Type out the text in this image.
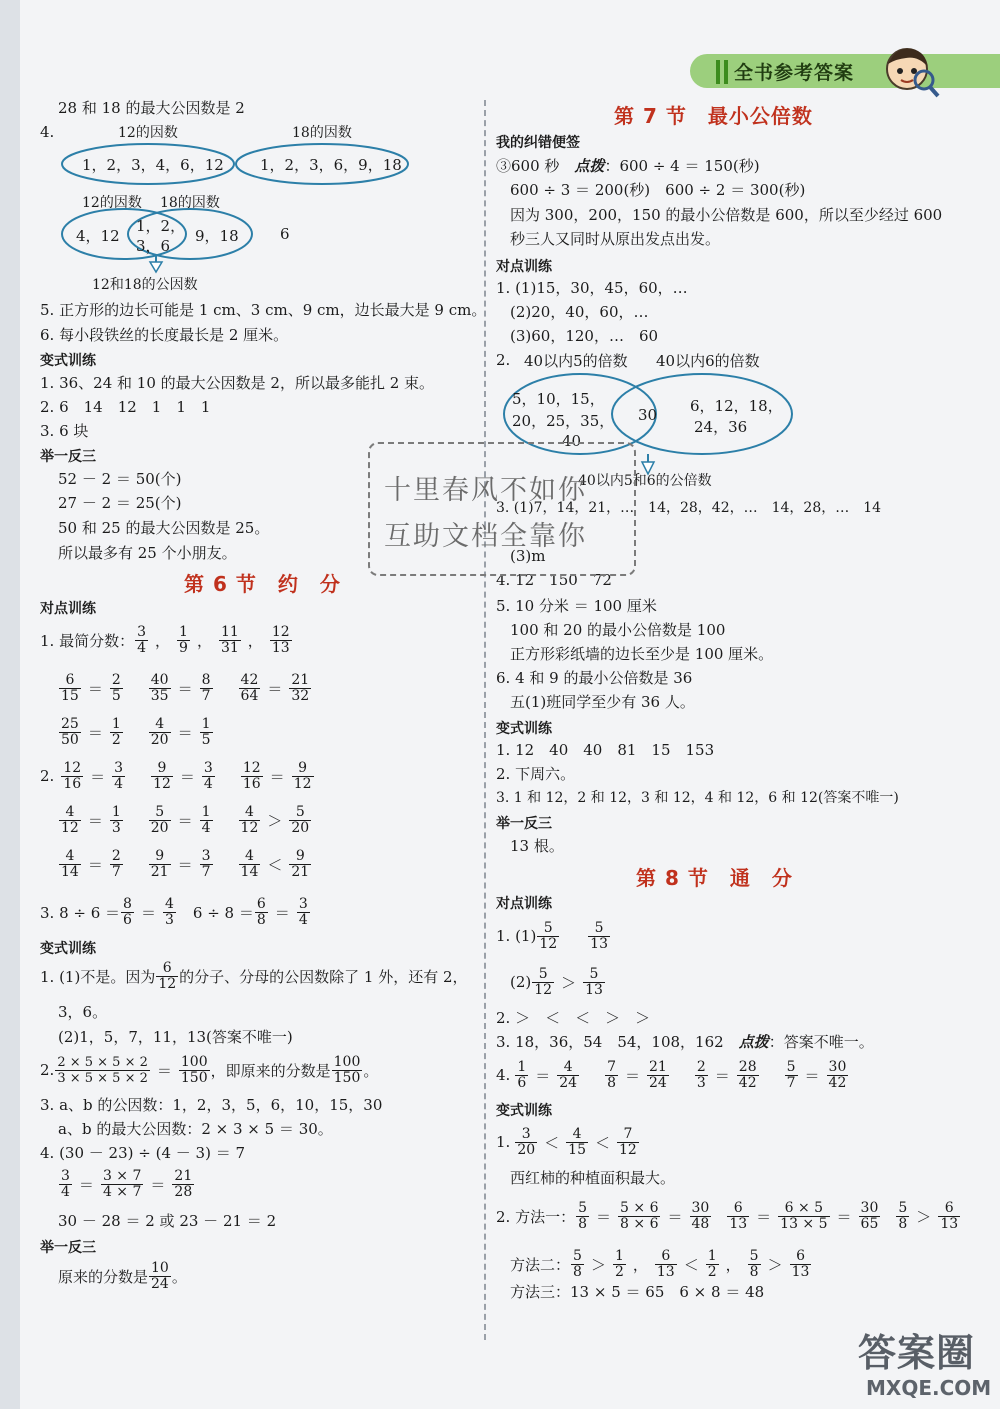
全书参考答案
28 和 18 的最大公因数是 2
4.	12的因数	18的因数
1，2，3，4，6，12 1，2，3，6，9，18
12的因数 18的因数
4，12
1，2，
3，6
9，18	6
12和18的公因数
5. 正方形的边长可能是 1 cm、3 cm、9 cm，边长最大是 9 cm。
6. 每小段铁丝的长度最长是 2 厘米。
变式训练
1. 36、24 和 10 的最大公因数是 2，所以最多能扎 2 束。
2. 6　14　12　1　1　1
3. 6 块
举一反三
52 － 2 ＝ 50(个)
27 － 2 ＝ 25(个)
50 和 25 的最大公因数是 25。
所以最多有 25 个小朋友。
第 6 节　约　分
对点训练
1. 最简分数： $\frac{3}{4}$ ， $\frac{1}{9}$ ， $\frac{11}{31}$ ， $\frac{12}{13}$
$\frac{6}{15} = \frac{2}{5} \frac{40}{35} = \frac{8}{7} \frac{42}{64} = \frac{21}{32}$
$\frac{25}{50} = \frac{1}{2} \frac{4}{20} = \frac{1}{5}$
2. $\frac{12}{16} = \frac{3}{4} \frac{9}{12} = \frac{3}{4} \frac{12}{16} = \frac{9}{12}$
$\frac{4}{12} = \frac{1}{3} \frac{5}{20} = \frac{1}{4} \frac{4}{12} > \frac{5}{20}$
$\frac{4}{14} = \frac{2}{7} \frac{9}{21} = \frac{3}{7} \frac{4}{14} < \frac{9}{21}$
3. $8 \div 6 = \frac{8}{6} = \frac{4}{3} 6 \div 8 = \frac{6}{8} = \frac{3}{4}$
变式训练
1. (1)不是。因为 $\frac{6}{12}$ 的分子、分母的公因数除了 1 外，还有 2，
3，6。
(2)1，5，7，11，13(答案不唯一)
2. $\frac{2 \times 5 \times 5 \times 2}{3 \times 5 \times 5 \times 2} = \frac{100}{150}$ ，即原来的分数是 $\frac{100}{150}$ 。
3. a、b 的公因数：1，2，3，5，6，10，15，30
a、b 的最大公因数：2 × 3 × 5 ＝ 30。
4. (30 － 23) ÷ (4 － 3) ＝ 7
$\frac{3}{4} = \frac{3 \times 7}{4 \times 7} = \frac{21}{28}$
30 － 28 ＝ 2 或 23 － 21 ＝ 2
举一反三
原来的分数是 $\frac{10}{24}$ 。
第 7 节　最小公倍数
我的纠错便签
③600 秒　 点拨：600 ÷ 4 ＝ 150(秒)
600 ÷ 3 ＝ 200(秒)　600 ÷ 2 ＝ 300(秒)
因为 300，200，150 的最小公倍数是 600，所以至少经过 600
秒三人又同时从原出发点出发。
对点训练
1. (1)15，30，45，60，…
(2)20，40，60，…
(3)60，120，…　60
2. 40以内5的倍数 40以内6的倍数
5，10，15，
20，25，35，
40
30 6，12，18，
24，36
40以内5和6的公倍数
3. (1)7，14，21，…　14，28，42，…　14，28，…　14
(3)m
4. 12　150　72
5. 10 分米 ＝ 100 厘米
100 和 20 的最小公倍数是 100
正方形彩纸墙的边长至少是 100 厘米。
6. 4 和 9 的最小公倍数是 36
五(1)班同学至少有 36 人。
变式训练
1. 12　40　40　81　15　153
2. 下周六。
3. 1 和 12，2 和 12，3 和 12，4 和 12，6 和 12(答案不唯一)
举一反三
13 根。
第 8 节　通　分
对点训练
1. $(1) \frac{5}{12}$
　 $\frac{5}{13}$
$(2) \frac{5}{12} > \frac{5}{13}$
2. ＞　＜　＜　＞　＞
3. 18，36，54　54，108，162　 点拨：答案不唯一。
4. $\frac{1}{6} = \frac{4}{24} \frac{7}{8} = \frac{21}{24} \frac{2}{3} = \frac{28}{42} \frac{5}{7} = \frac{30}{42}$
变式训练
1. $\frac{3}{20} < \frac{4}{15} < \frac{7}{12}$
西红柿的种植面积最大。
2. 方法一： $\frac{5}{8} = \frac{5 \times 6}{8 \times 6} = \frac{30}{48} \frac{6}{13} = \frac{6 \times 5}{13 \times 5} = \frac{30}{65} \frac{5}{8} > \frac{6}{13}$
方法二： $\frac{5}{8} > \frac{1}{2}$ ， $\frac{6}{13} < \frac{1}{2}$ ， $\frac{5}{8} > \frac{6}{13}$
方法三：13 × 5 ＝ 65　6 × 8 ＝ 48
十里春风不如你
互助文档全靠你
答案圈
MXQE.COM
